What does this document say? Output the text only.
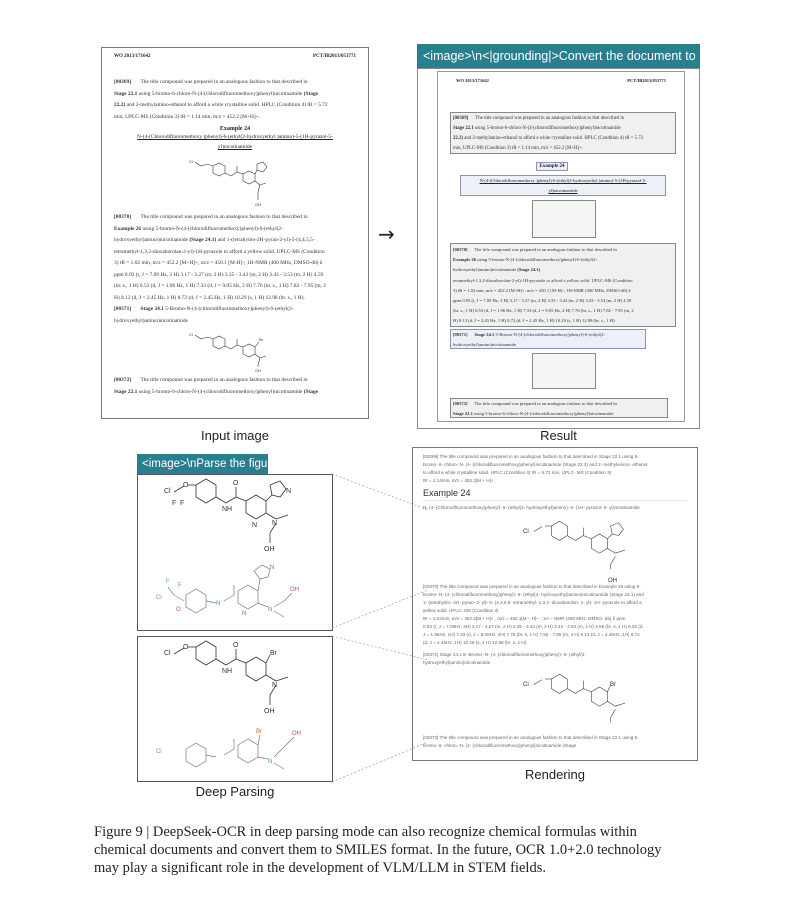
WO 2013/171642	PCT/IB2013/053771
[00369] The title compound was prepared in an analogous fashion to that described in
Stage 22.1 using 5-bromo-6-chloro-N-(4-(chlorodifluoromethoxy)phenyl)nicotinamide (Stage
22.2) and 2-methylamino-ethanol to afford a white crystalline solid. HPLC (Condition 4) tR = 5.72
min, UPLC-MS (Condition 3) tR = 1.14 min, m/z = 452.2 [M+H]+.
Example 24
N-(4-(Chlorodifluoromethoxy )phenyl)-6-(ethyl(2-hydroxyethyl )amino)-5-(1H-pyrazol-5-
yl)nicotinamide
Cl
OH
[00370] The title compound was prepared in an analogous fashion to that described in
Example 26 using 5-bromo-N-(4-(chlorodifluoromethoxy)phenyl)-6-(ethyl(2-
hydroxyethyl)amino)nicotinamide (Stage 24.1) and 1-(tetrahydro-2H-pyran-2-yl)-5-(4,4,5,5-
tetramethyl-1,3,2-dioxaborolan-2-yl)-1H-pyrazole to afford a yellow solid. UPLC-MS (Condition
3) tR = 1.02 min, m/z = 452.2 [M+H]+, m/z = 450.1 [M-H]-; 1H-NMR (400 MHz, DMSO-d6) δ
ppm 0.93 (t, J = 7.09 Hz, 3 H) 3.17 - 3.27 (m, 2 H) 3.35 - 3.43 (m, 2 H) 3.43 - 3.53 (m, 2 H) 4.59
(br. s., 1 H) 6.53 (d, J = 1.96 Hz, 1 H) 7.33 (d, J = 9.05 Hz, 2 H) 7.76 (br. s., 1 H) 7.82 - 7.95 (m, 2
H) 8.13 (d, J = 2.45 Hz, 1 H) 8.72 (d, J = 2.45 Hz, 1 H) 10.29 (s, 1 H) 12.98 (br. s., 1 H).
[00371] Stage 24.1 5-Bromo-N-(4-(chlorodifluoromethoxy)phenyl)-6-(ethyl(2-
hydroxyethyl)amino)nicotinamide
Cl
Br
OH
[00372] The title compound was prepared in an analogous fashion to that described in
Stage 22.1 using 5-bromo-6-chloro-N-(4-(chlorodifluoromethoxy)phenyl)nicotinamide (Stage
Input image
→
<image>\n<|grounding|>Convert the document to markdown.
WO 2013/171642	PCT/IB2013/053771
[00369] The title compound was prepared in an analogous fashion to that described in
Stage 22.1 using 5-bromo-6-chloro-N-(4-(chlorodifluoromethoxy)phenyl)nicotinamide
22.2) and 2-methylamino-ethanol to afford a white crystalline solid. HPLC (Condition 4) tR = 5.72
min, UPLC-MS (Condition 3) tR = 1.14 min, m/z = 452.2 [M+H]+.
Example 24
N-(4-(Chlorodifluoromethoxy )phenyl)-6-(ethyl(2-hydroxyethyl )amino)-5-(1H-pyrazol-5-
yl)nicotinamide
[00370] The title compound was prepared in an analogous fashion to that described in
Example 26 using 5-bromo-N-(4-(chlorodifluoromethoxy)phenyl)-6-(ethyl(2-
hydroxyethyl)amino)nicotinamide (Stage 24.1)
tetramethyl-1,3,2-dioxaborolan-2-yl)-1H-pyrazole to afford a yellow solid. UPLC-MS (Condition
3) tR = 1.02 min, m/z = 452.2 [M+H]+, m/z = 450.1 [M-H]-; 1H-NMR (400 MHz, DMSO-d6) δ
ppm 0.93 (t, J = 7.09 Hz, 3 H) 3.17 - 3.27 (m, 2 H) 3.35 - 3.43 (m, 2 H) 3.43 - 3.53 (m, 2 H) 4.59
(br. s., 1 H) 6.53 (d, J = 1.96 Hz, 1 H) 7.33 (d, J = 9.05 Hz, 2 H) 7.76 (br. s., 1 H) 7.82 - 7.95 (m, 2
H) 8.13 (d, J = 2.45 Hz, 1 H) 8.72 (d, J = 2.45 Hz, 1 H) 10.29 (s, 1 H) 12.98 (br. s., 1 H).
[00371] Stage 24.1 5-Bromo-N-(4-(chlorodifluoromethoxy)phenyl)-6-(ethyl(2-
hydroxyethyl)amino)nicotinamide
[00372] The title compound was prepared in an analogous fashion to that described in
Stage 22.1 using 5-bromo-6-chloro-N-(4-(chlorodifluoromethoxy)phenyl)nicotinamide
Result
<image>\nParse the figure.
Cl
O
F F
O
NH
N N
N
OH
Cl
F
F
O
N
N
N
N
OH
Cl
O	O
NH
Br
N
OH
Cl
Br
N
OH
Deep Parsing
[00369] The title compound was prepared in an analogous fashion to that described in Stage 22.1 using 5-
bromo- 6- chloro- N- (4- (chlorodifluoromethoxy)phenyl)nicotinamide (Stage 22.2) and 2- methylamino- ethanol
to afford a white crystalline solid. HPLC (Condition 4) tR = 5.72 min, UPLC- MS (Condition 3)
tR = 1.14min, m/z = 452.2[M + H]+ .
Example 24
N- (4- (Chlorodifluoromethoxy)phenyl)- 6- (ethyl(2- hydroxyethyl)amino)- 5- (1H- pyrazol- 5- yl)nicotinamide
Cl
OH
[00370] The title compound was prepared in an analogous fashion to that described in Example 26 using 5-
bromo- N- (4- (chlorodifluoromethoxy)phenyl)- 6- (ethyl(2- hydroxyethyl)amino)nicotinamide (Stage 24.1) and
1- (tetrahydro- 2H- pyran- 2- yl)- 5- (4,4,5,5- tetramethyl- 1,3,2- dioxaborolan- 2- yl)- 1H- pyrazole to afford a
yellow solid. UPLC- MS (Condition 3)
tR = 1.02min, m/z = 452.2[M + H]+ , m/z = 450.1[M − H]− ; 1H − NMR (400 MHz, DMSO- d6) δ ppm
0.93 (t, J = 7.09Hz, 3H) 3.17 - 3.27 (m, 2 H) 3.35 - 3.43 (m, 2 H) 3.43 - 3.53 (m, 2 H) 4.59 (br. s, 1 H) 6.53 (d,
J = 1.96Hz, 1H) 7.33 (d, J = 9.05Hz, 2H) 7.76 (br. s, 1 H) 7.82 - 7.95 (m, 2 H) 8.13 (d, J = 2.45Hz, 1H) 8.72
(d, J = 2.45Hz, 1H) 10.29 (s, 1 H) 12.98 (br. s, 1 H).
[00371] Stage 24.1 5- Bromo- N- (4- (chlorodifluoromethoxy)phenyl)- 6- (ethyl(2-
hydroxyethyl)amino)nicotinamide
Cl	Br
[00372] The title compound was prepared in an analogous fashion to that described in Stage 22.1 using 5-
bromo- 6- chloro- N- (4- (chlorodifluoromethoxy)phenyl)nicotinamide (Stage
Rendering
Figure 9 | DeepSeek-OCR in deep parsing mode can also recognize chemical formulas within
chemical documents and convert them to SMILES format. In the future, OCR 1.0+2.0 technology
may play a significant role in the development of VLM/LLM in STEM fields.
